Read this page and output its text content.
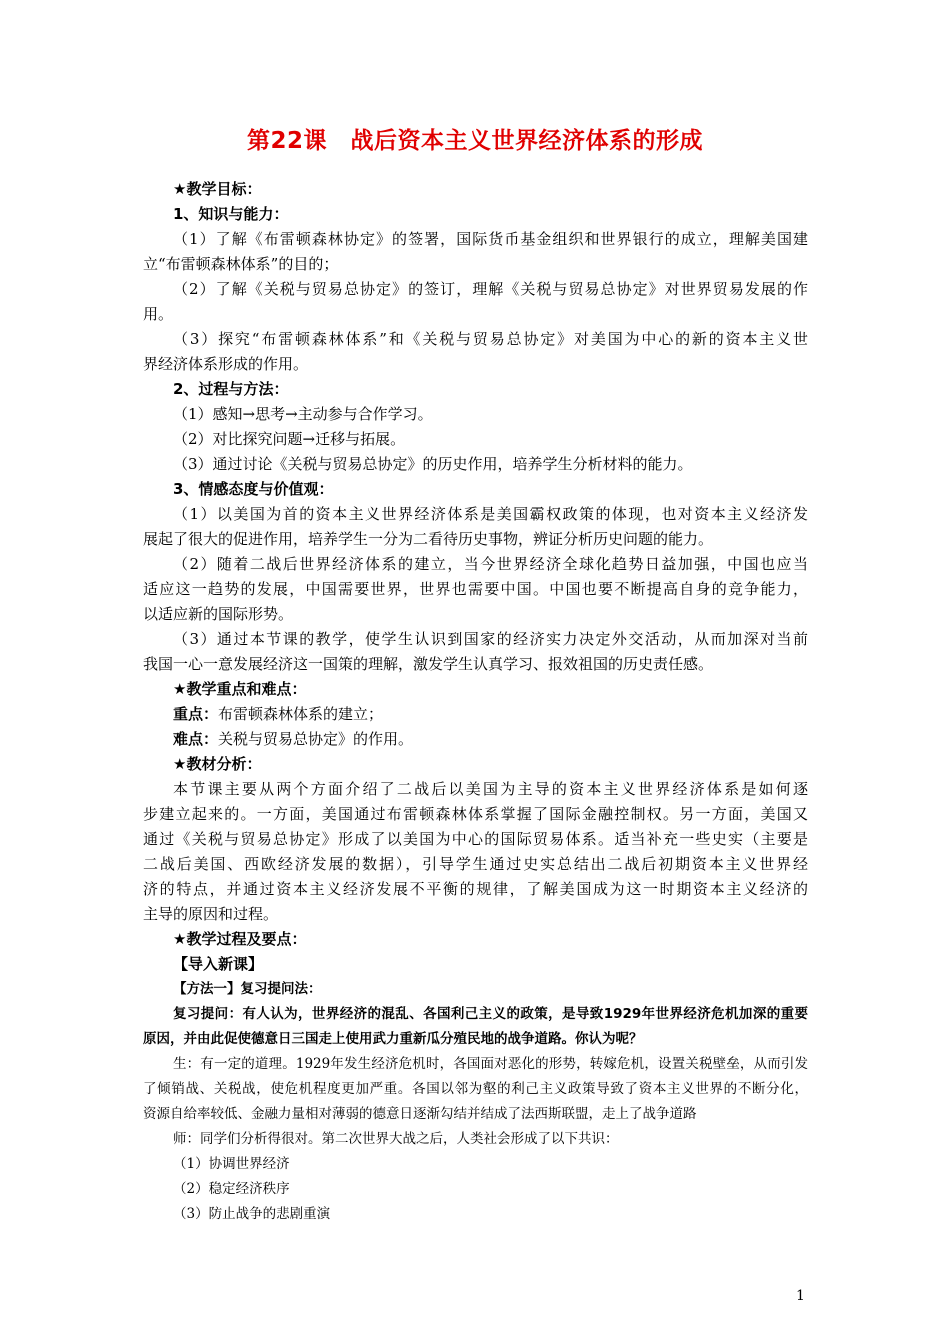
第22课　战后资本主义世界经济体系的形成
★教学目标：
1、知识与能力：
（1）了解《布雷顿森林协定》的签署，国际货币基金组织和世界银行的成立，理解美国建
立“布雷顿森林体系”的目的；
（2）了解《关税与贸易总协定》的签订，理解《关税与贸易总协定》对世界贸易发展的作
用。
（3）探究“布雷顿森林体系”和《关税与贸易总协定》对美国为中心的新的资本主义世
界经济体系形成的作用。
2、过程与方法：
（1）感知→思考→主动参与合作学习。
（2）对比探究问题→迁移与拓展。
（3）通过讨论《关税与贸易总协定》的历史作用，培养学生分析材料的能力。
3、情感态度与价值观：
（1）以美国为首的资本主义世界经济体系是美国霸权政策的体现，也对资本主义经济发
展起了很大的促进作用，培养学生一分为二看待历史事物，辨证分析历史问题的能力。
（2）随着二战后世界经济体系的建立，当今世界经济全球化趋势日益加强，中国也应当
适应这一趋势的发展，中国需要世界，世界也需要中国。中国也要不断提高自身的竞争能力，
以适应新的国际形势。
（3）通过本节课的教学，使学生认识到国家的经济实力决定外交活动，从而加深对当前
我国一心一意发展经济这一国策的理解，激发学生认真学习、报效祖国的历史责任感。
★教学重点和难点：
重点：布雷顿森林体系的建立；
难点：关税与贸易总协定》的作用。
★教材分析：
本节课主要从两个方面介绍了二战后以美国为主导的资本主义世界经济体系是如何逐
步建立起来的。一方面，美国通过布雷顿森林体系掌握了国际金融控制权。另一方面，美国又
通过《关税与贸易总协定》形成了以美国为中心的国际贸易体系。适当补充一些史实（主要是
二战后美国、西欧经济发展的数据），引导学生通过史实总结出二战后初期资本主义世界经
济的特点，并通过资本主义经济发展不平衡的规律，了解美国成为这一时期资本主义经济的
主导的原因和过程。
★教学过程及要点：
【导入新课】
【方法一】复习提问法：
复习提问：有人认为，世界经济的混乱、各国利己主义的政策，是导致1929年世界经济危机加深的重要
原因，并由此促使德意日三国走上使用武力重新瓜分殖民地的战争道路。你认为呢？
生：有一定的道理。1929年发生经济危机时，各国面对恶化的形势，转嫁危机，设置关税壁垒，从而引发
了倾销战、关税战，使危机程度更加严重。各国以邻为壑的利己主义政策导致了资本主义世界的不断分化，
资源自给率较低、金融力量相对薄弱的德意日逐渐勾结并结成了法西斯联盟，走上了战争道路
师：同学们分析得很对。第二次世界大战之后，人类社会形成了以下共识：
（1）协调世界经济
（2）稳定经济秩序
（3）防止战争的悲剧重演
1
